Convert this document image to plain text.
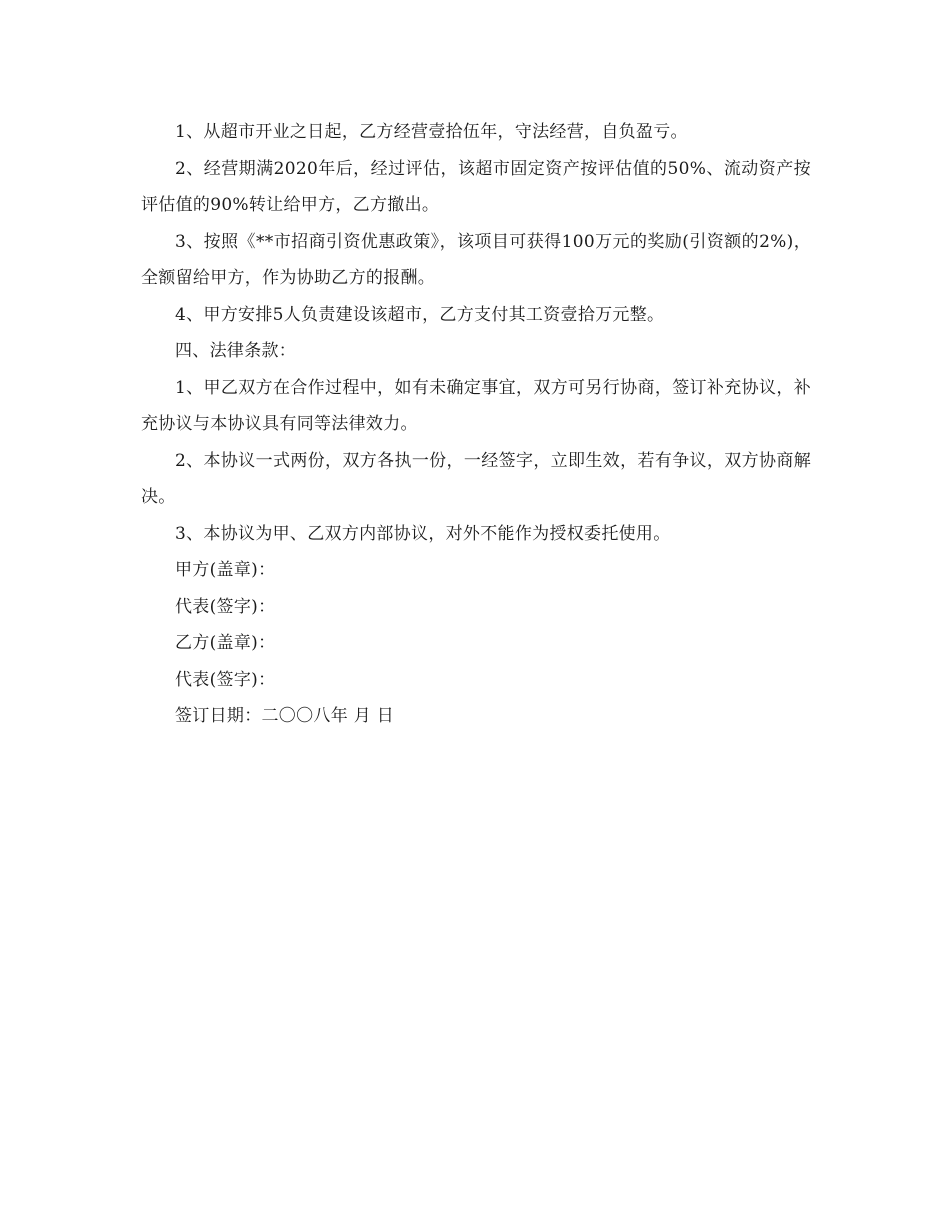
1、从超市开业之日起，乙方经营壹拾伍年，守法经营，自负盈亏。

2、经营期满2020年后，经过评估，该超市固定资产按评估值的50%、流动资产按评估值的90%转让给甲方，乙方撤出。

3、按照《**市招商引资优惠政策》，该项目可获得100万元的奖励(引资额的2%)，全额留给甲方，作为协助乙方的报酬。

4、甲方安排5人负责建设该超市，乙方支付其工资壹拾万元整。

四、法律条款：

1、甲乙双方在合作过程中，如有未确定事宜，双方可另行协商，签订补充协议，补充协议与本协议具有同等法律效力。

2、本协议一式两份，双方各执一份，一经签字，立即生效，若有争议，双方协商解决。

3、本协议为甲、乙双方内部协议，对外不能作为授权委托使用。

甲方(盖章)：

代表(签字)：

乙方(盖章)：

代表(签字)：

签订日期：二〇〇八年 月 日
